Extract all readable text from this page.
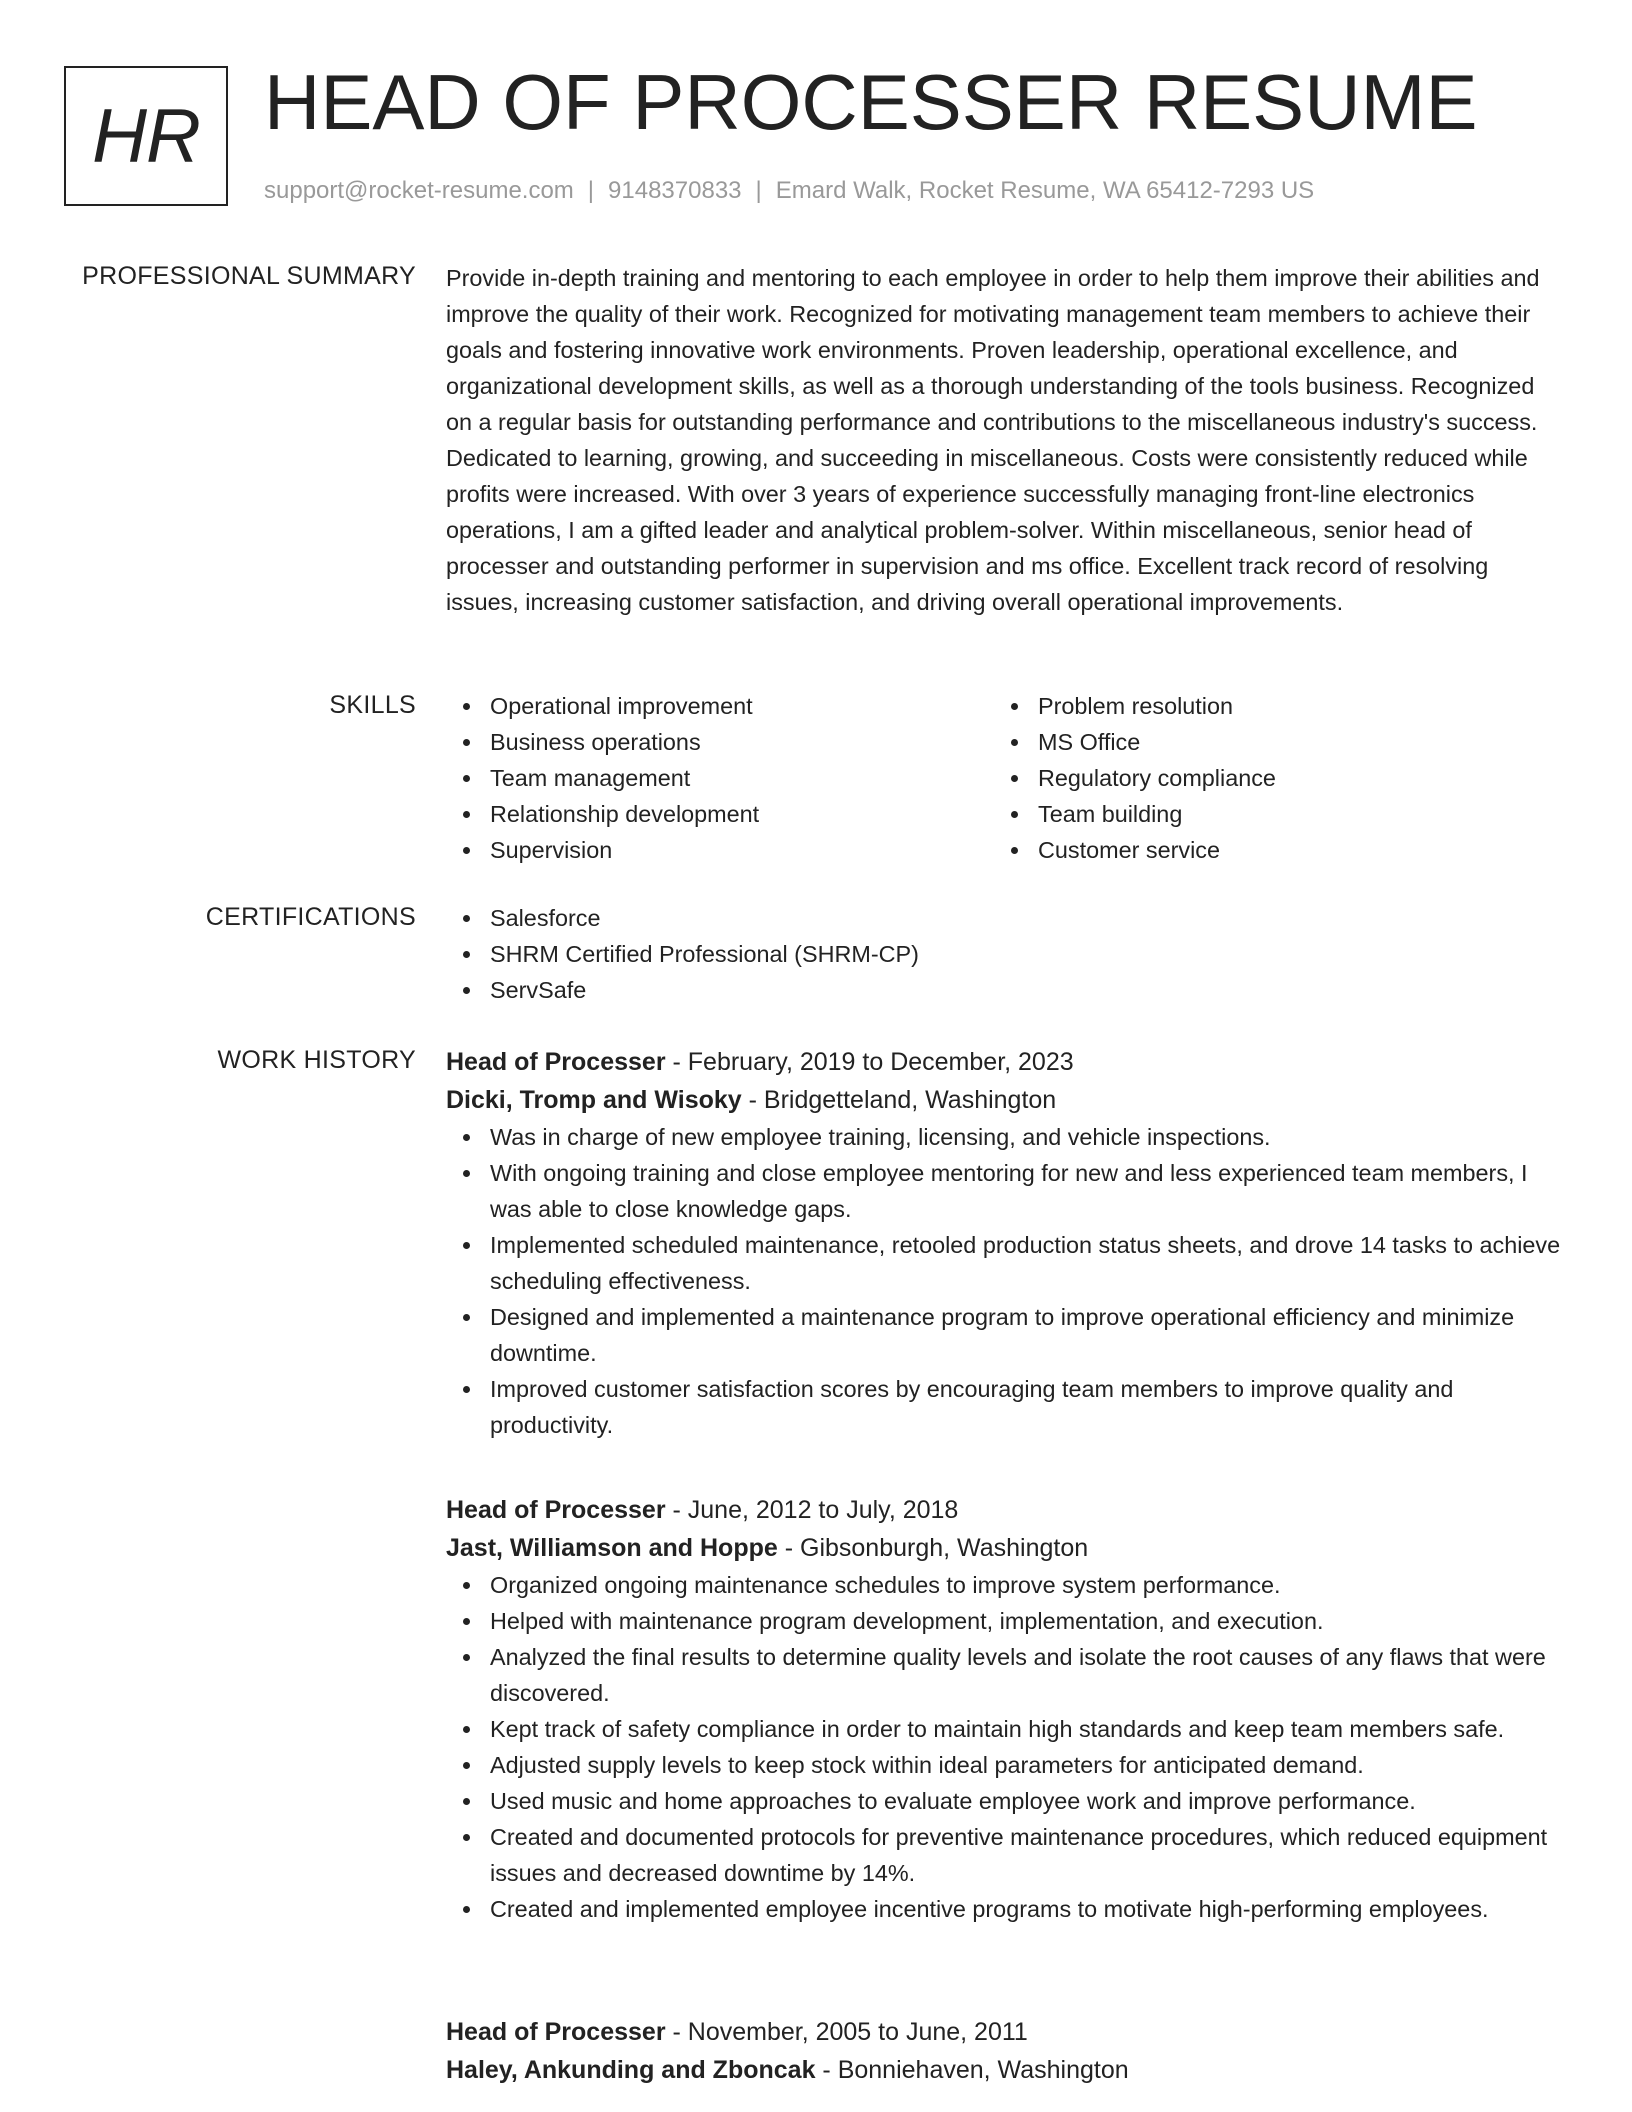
HR HEAD OF PROCESSER RESUME
support@rocket-resume.com | 9148370833 | Emard Walk, Rocket Resume, WA 65412-7293 US
PROFESSIONAL SUMMARY Provide in-depth training and mentoring to each employee in order to help them improve their abilities and improve the quality of their work. Recognized for motivating management team members to achieve their goals and fostering innovative work environments. Proven leadership, operational excellence, and organizational development skills, as well as a thorough understanding of the tools business. Recognized on a regular basis for outstanding performance and contributions to the miscellaneous industry's success. Dedicated to learning, growing, and succeeding in miscellaneous. Costs were consistently reduced while profits were increased. With over 3 years of experience successfully managing front-line electronics operations, I am a gifted leader and analytical problem-solver. Within miscellaneous, senior head of processer and outstanding performer in supervision and ms office. Excellent track record of resolving issues, increasing customer satisfaction, and driving overall operational improvements.

SKILLS	Operational improvement
Business operations
Team management
Relationship development
Supervision
Problem resolution
MS Office
Regulatory compliance
Team building
Customer service
CERTIFICATIONS	Salesforce
SHRM Certified Professional (SHRM-CP)
ServSafe
WORK HISTORY Head of Processer - February, 2019 to December, 2023
Dicki, Tromp and Wisoky - Bridgetteland, Washington
Was in charge of new employee training, licensing, and vehicle inspections.
With ongoing training and close employee mentoring for new and less experienced team members, I was able to close knowledge gaps.
Implemented scheduled maintenance, retooled production status sheets, and drove 14 tasks to achieve scheduling effectiveness.
Designed and implemented a maintenance program to improve operational efficiency and minimize downtime.
Improved customer satisfaction scores by encouraging team members to improve quality and productivity.
Head of Processer - June, 2012 to July, 2018
Jast, Williamson and Hoppe - Gibsonburgh, Washington
Organized ongoing maintenance schedules to improve system performance.
Helped with maintenance program development, implementation, and execution.
Analyzed the final results to determine quality levels and isolate the root causes of any flaws that were discovered.
Kept track of safety compliance in order to maintain high standards and keep team members safe.
Adjusted supply levels to keep stock within ideal parameters for anticipated demand.
Used music and home approaches to evaluate employee work and improve performance.
Created and documented protocols for preventive maintenance procedures, which reduced equipment issues and decreased downtime by 14%.
Created and implemented employee incentive programs to motivate high-performing employees.
Head of Processer - November, 2005 to June, 2011
Haley, Ankunding and Zboncak - Bonniehaven, Washington
